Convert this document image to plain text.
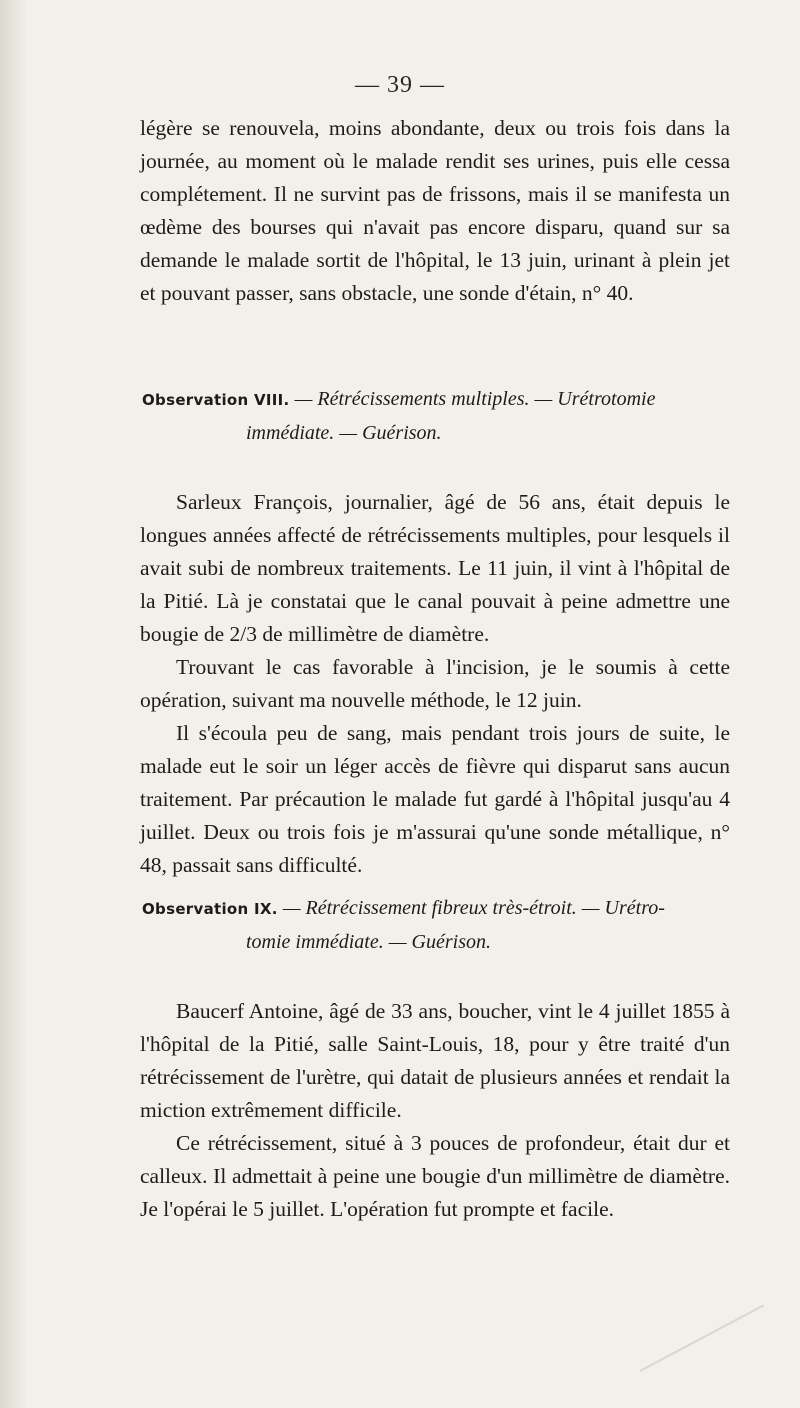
— 39 —

légère se renouvela, moins abondante, deux ou trois fois dans la journée, au moment où le malade rendit ses urines, puis elle cessa complétement. Il ne survint pas de frissons, mais il se manifesta un œdème des bourses qui n'avait pas encore disparu, quand sur sa demande le malade sortit de l'hôpital, le 13 juin, urinant à plein jet et pouvant passer, sans obstacle, une sonde d'étain, n° 40.

Observation VIII. — Rétrécissements multiples. — Urétrotomie
immédiate. — Guérison.

Sarleux François, journalier, âgé de 56 ans, était depuis le longues années affecté de rétrécissements multiples, pour lesquels il avait subi de nombreux traitements. Le 11 juin, il vint à l'hôpital de la Pitié. Là je constatai que le canal pouvait à peine admettre une bougie de 2/3 de millimètre de diamètre.

Trouvant le cas favorable à l'incision, je le soumis à cette opération, suivant ma nouvelle méthode, le 12 juin.

Il s'écoula peu de sang, mais pendant trois jours de suite, le malade eut le soir un léger accès de fièvre qui disparut sans aucun traitement. Par précaution le malade fut gardé à l'hôpital jusqu'au 4 juillet. Deux ou trois fois je m'assurai qu'une sonde métallique, n° 48, passait sans difficulté.

Observation IX. — Rétrécissement fibreux très-étroit. — Urétro-
tomie immédiate. — Guérison.

Baucerf Antoine, âgé de 33 ans, boucher, vint le 4 juillet 1855 à l'hôpital de la Pitié, salle Saint-Louis, 18, pour y être traité d'un rétrécissement de l'urètre, qui datait de plusieurs années et rendait la miction extrêmement difficile.

Ce rétrécissement, situé à 3 pouces de profondeur, était dur et calleux. Il admettait à peine une bougie d'un millimètre de diamètre. Je l'opérai le 5 juillet. L'opération fut prompte et facile.
